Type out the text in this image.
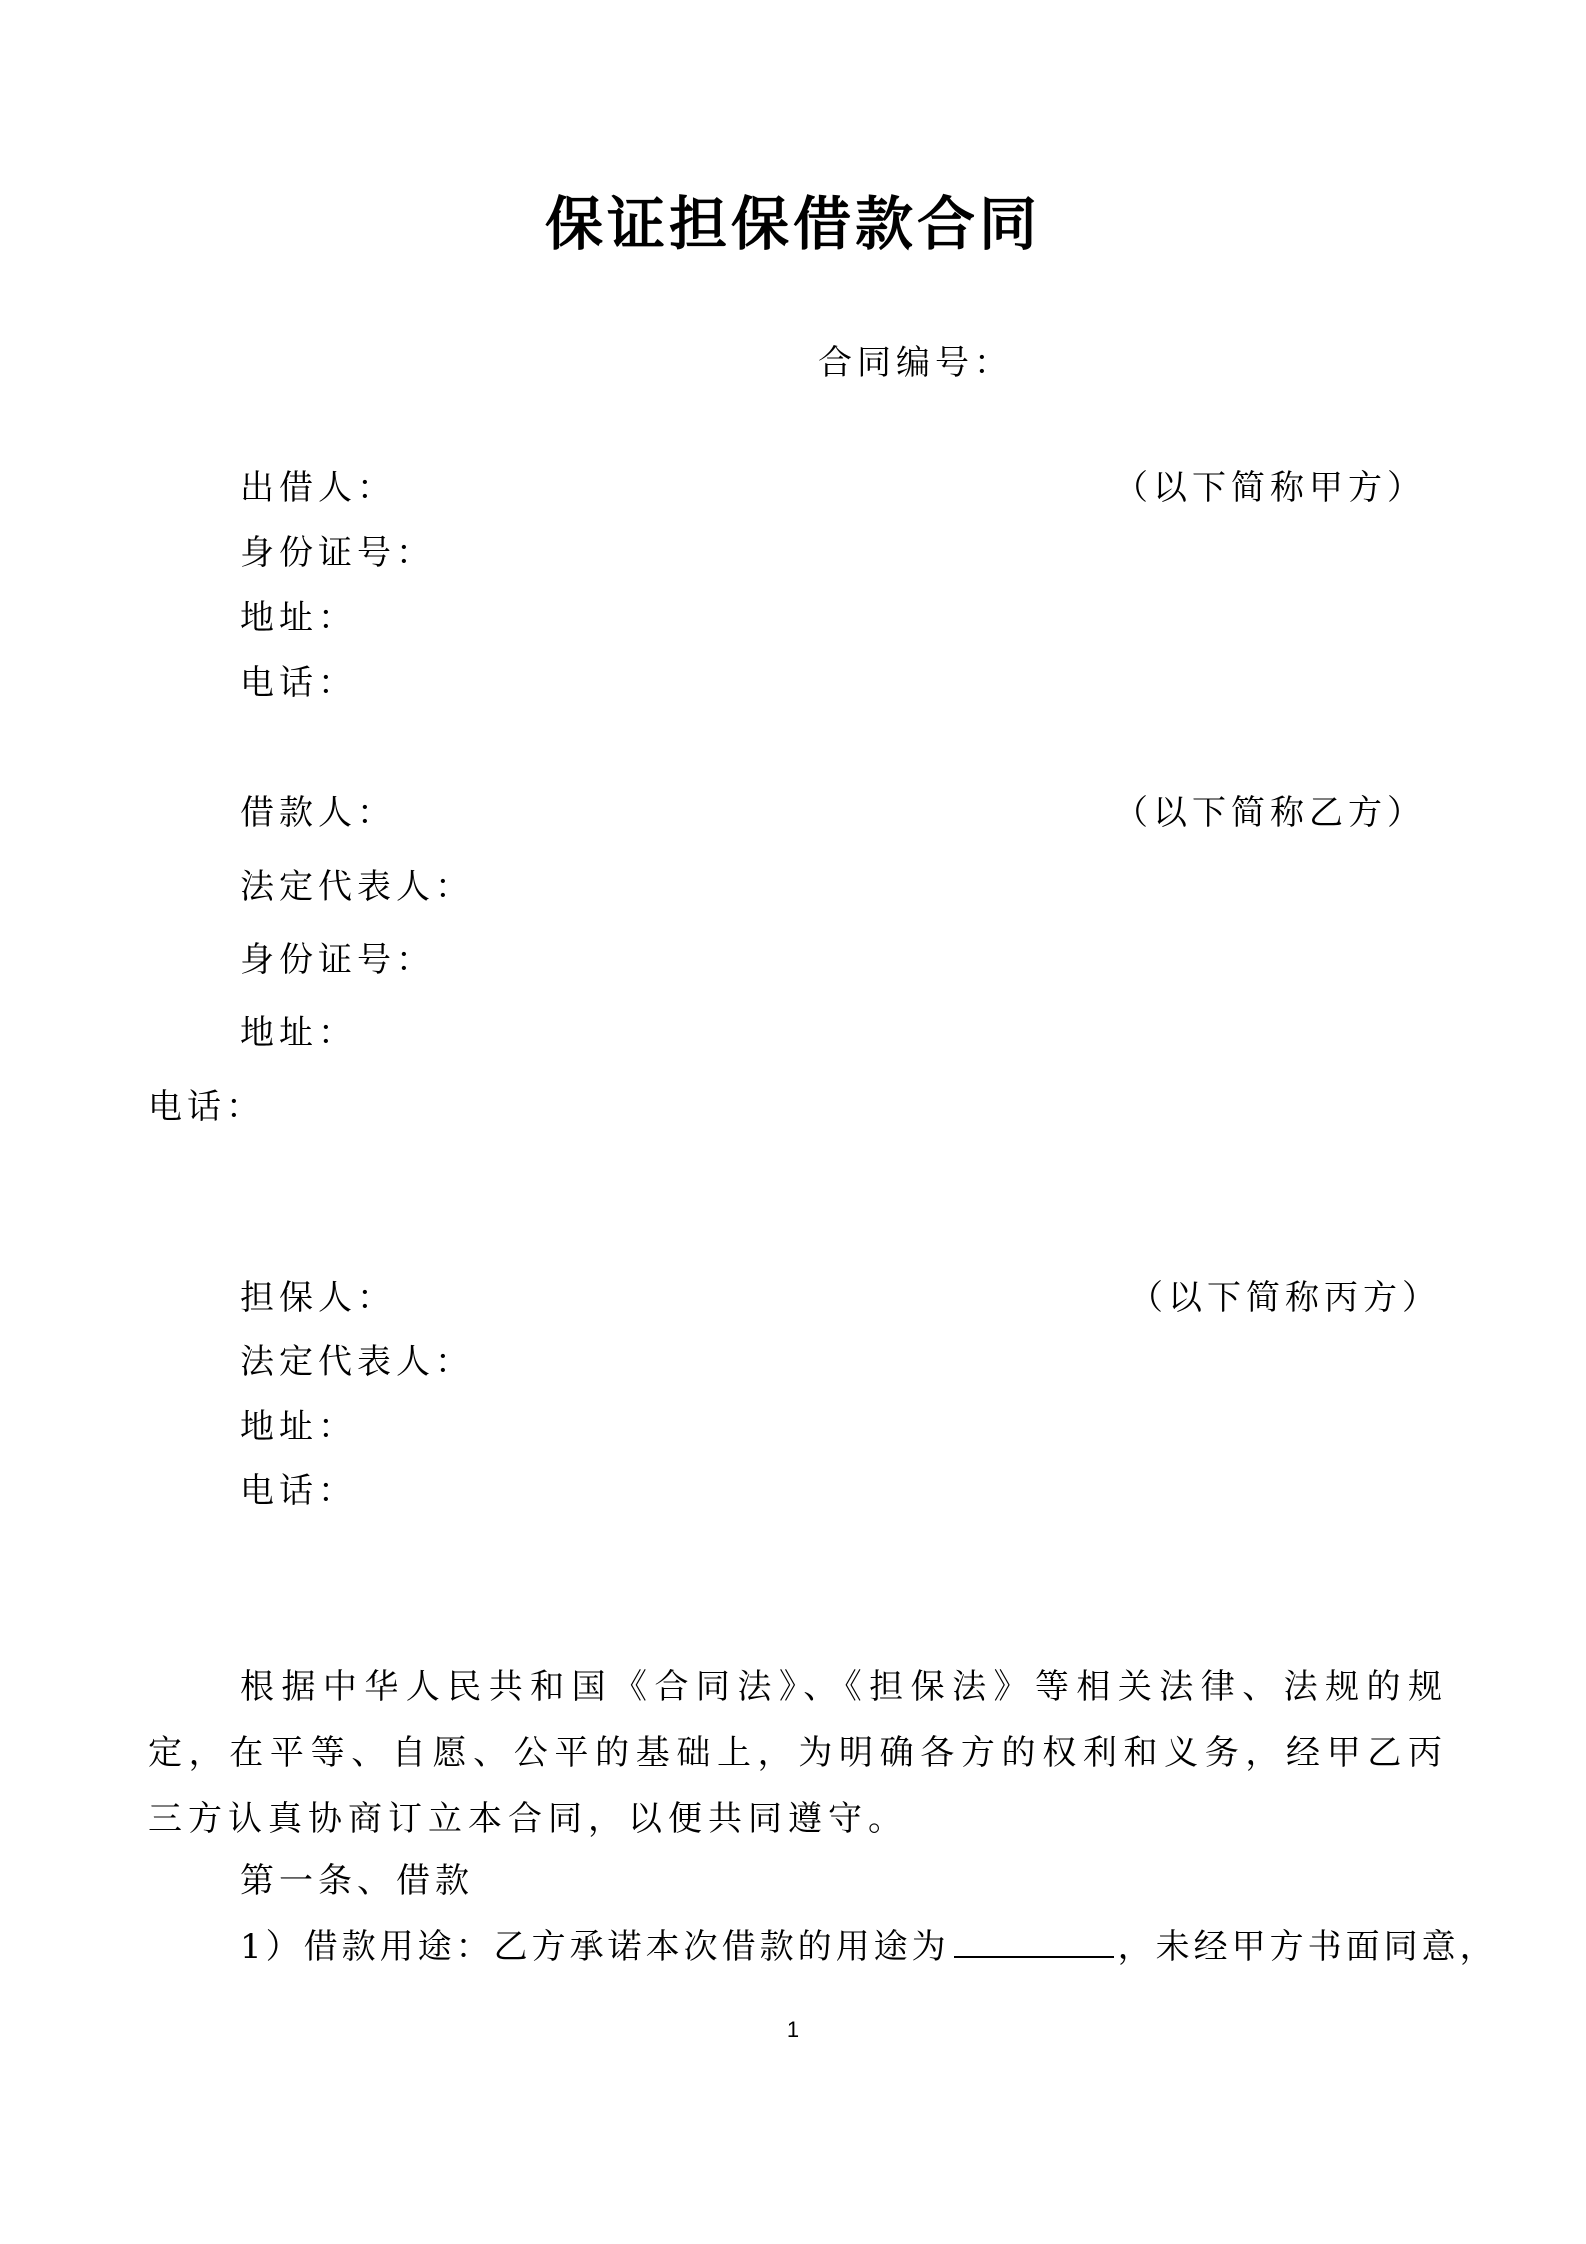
保证担保借款合同
合同编号：
出借人：	（以下简称甲方）
身份证号：
地址：
电话：
借款人：	（以下简称乙方）
法定代表人：
身份证号：
地址：
电话：
担保人：	（以下简称丙方）
法定代表人：
地址：
电话：
根据中华人民共和国《合同法》、《担保法》等相关法律、法规的规定，在平等、自愿、公平的基础上，为明确各方的权利和义务，经甲乙丙三方认真协商订立本合同，以便共同遵守。
第一条、借款
1）借款用途：乙方承诺本次借款的用途为	，未经甲方书面同意，
1
